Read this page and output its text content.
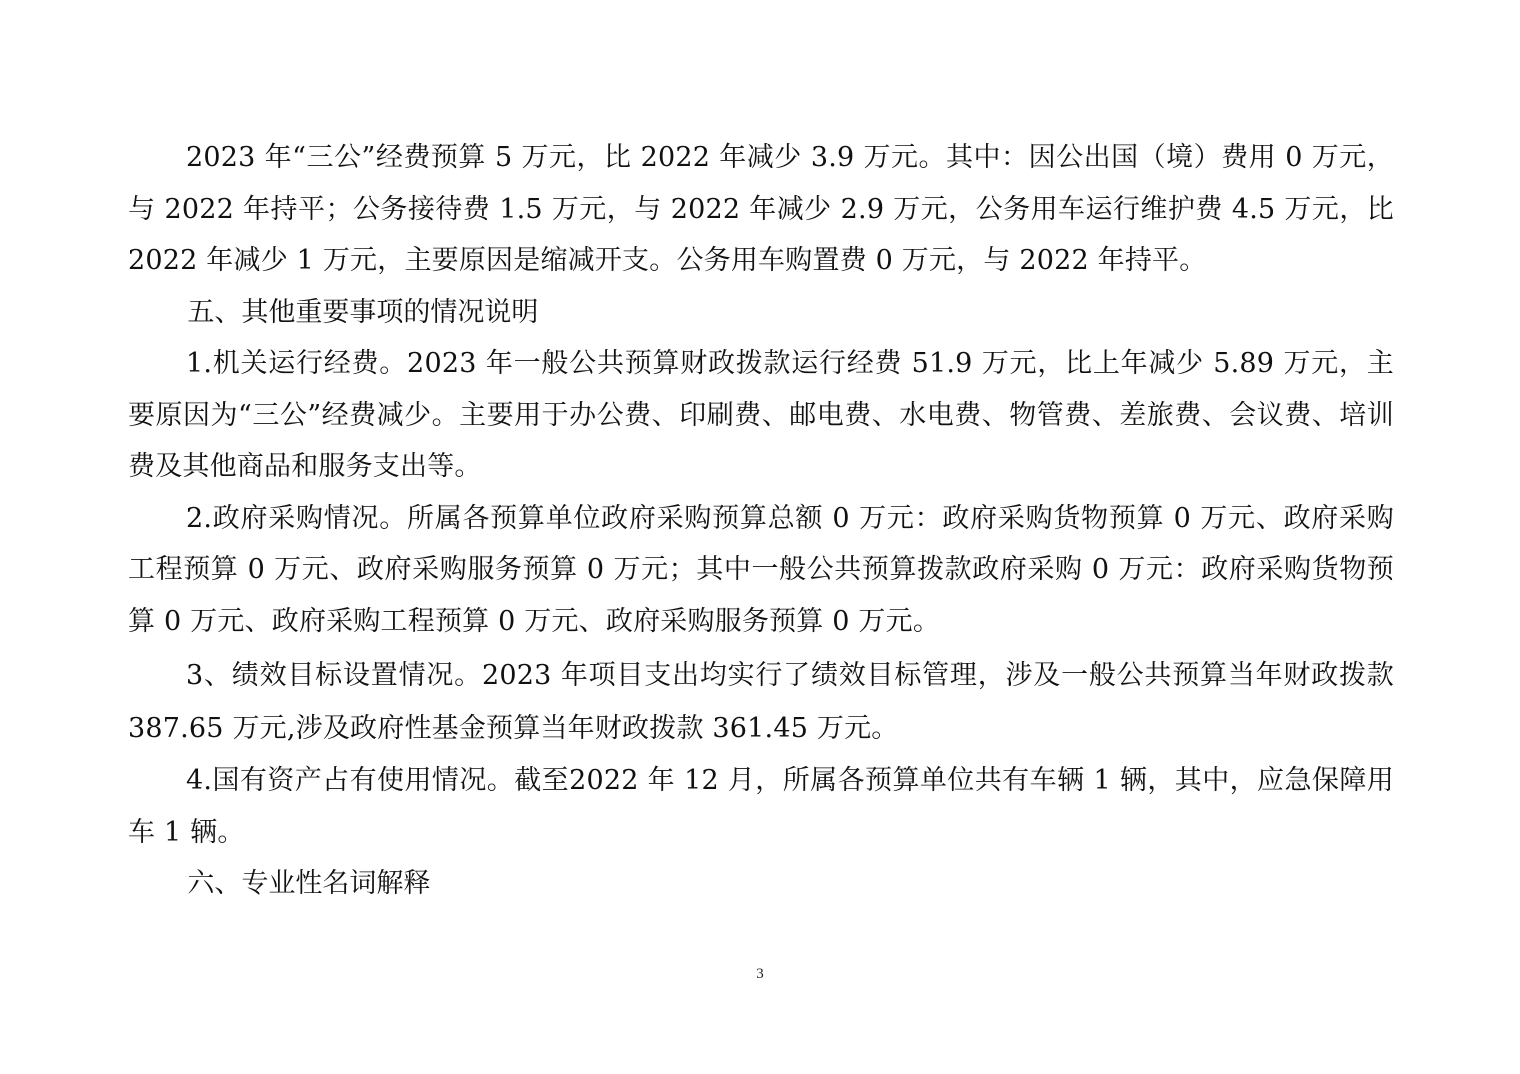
2023 年“三公”经费预算 5 万元，比 2022 年减少 3.9 万元。其中：因公出国（境）费用 0 万元，与 2022 年持平；公务接待费 1.5 万元，与 2022 年减少 2.9 万元，公务用车运行维护费 4.5 万元，比 2022 年减少 1 万元，主要原因是缩减开支。公务用车购置费 0 万元，与 2022 年持平。

五、其他重要事项的情况说明

1.机关运行经费。2023 年一般公共预算财政拨款运行经费 51.9 万元，比上年减少 5.89 万元，主要原因为“三公”经费减少。主要用于办公费、印刷费、邮电费、水电费、物管费、差旅费、会议费、培训费及其他商品和服务支出等。

2.政府采购情况。所属各预算单位政府采购预算总额 0 万元：政府采购货物预算 0 万元、政府采购工程预算 0 万元、政府采购服务预算 0 万元；其中一般公共预算拨款政府采购 0 万元：政府采购货物预算 0 万元、政府采购工程预算 0 万元、政府采购服务预算 0 万元。

3、绩效目标设置情况。2023 年项目支出均实行了绩效目标管理，涉及一般公共预算当年财政拨款 387.65 万元,涉及政府性基金预算当年财政拨款 361.45 万元。

4.国有资产占有使用情况。截至2022 年 12 月，所属各预算单位共有车辆 1 辆，其中，应急保障用车 1 辆。

六、专业性名词解释

3
